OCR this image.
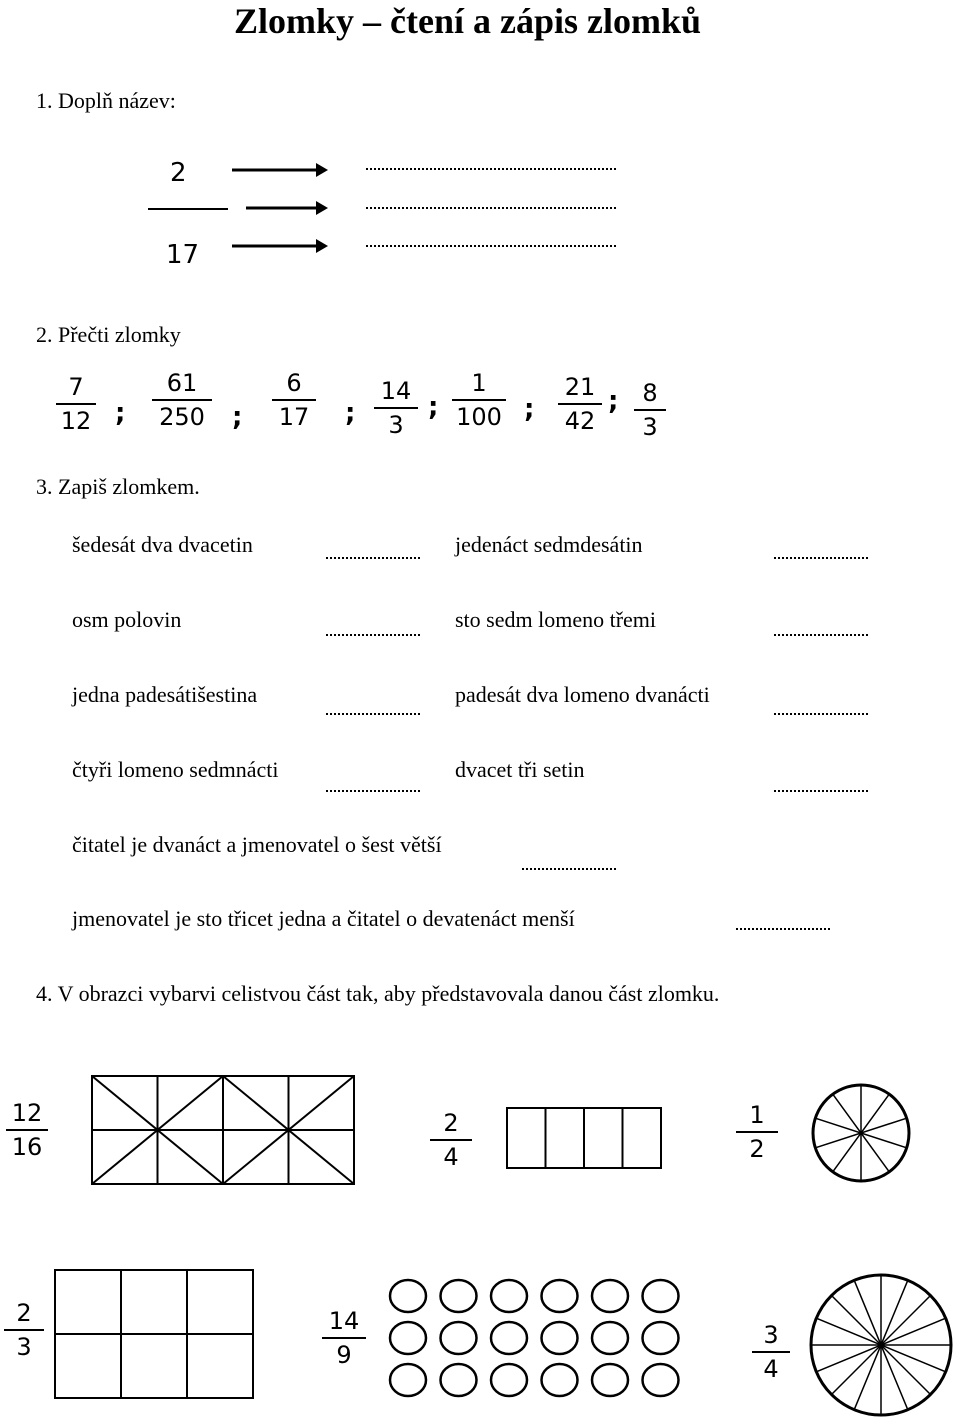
Zlomky – čtení a zápis zlomků
1. Doplň název:
2
17
2. Přečti zlomky
7
12 ;
61
250 ;
6
17 ;
14
3
;
1
100 ;
21
42
; 8
3
3. Zapiš zlomkem.
šedesát dva dvacetin	jedenáct sedmdesátin
osm polovin	sto sedm lomeno třemi
jedna padesátišestina	padesát dva lomeno dvanácti
čtyři lomeno sedmnácti	dvacet tři setin
čitatel je dvanáct a jmenovatel o šest větší
jmenovatel je sto třicet jedna a čitatel o devatenáct menší
4. V obrazci vybarvi celistvou část tak, aby představovala danou část zlomku.
12
16
2
4
1
2
2
3
14
9
3
4
